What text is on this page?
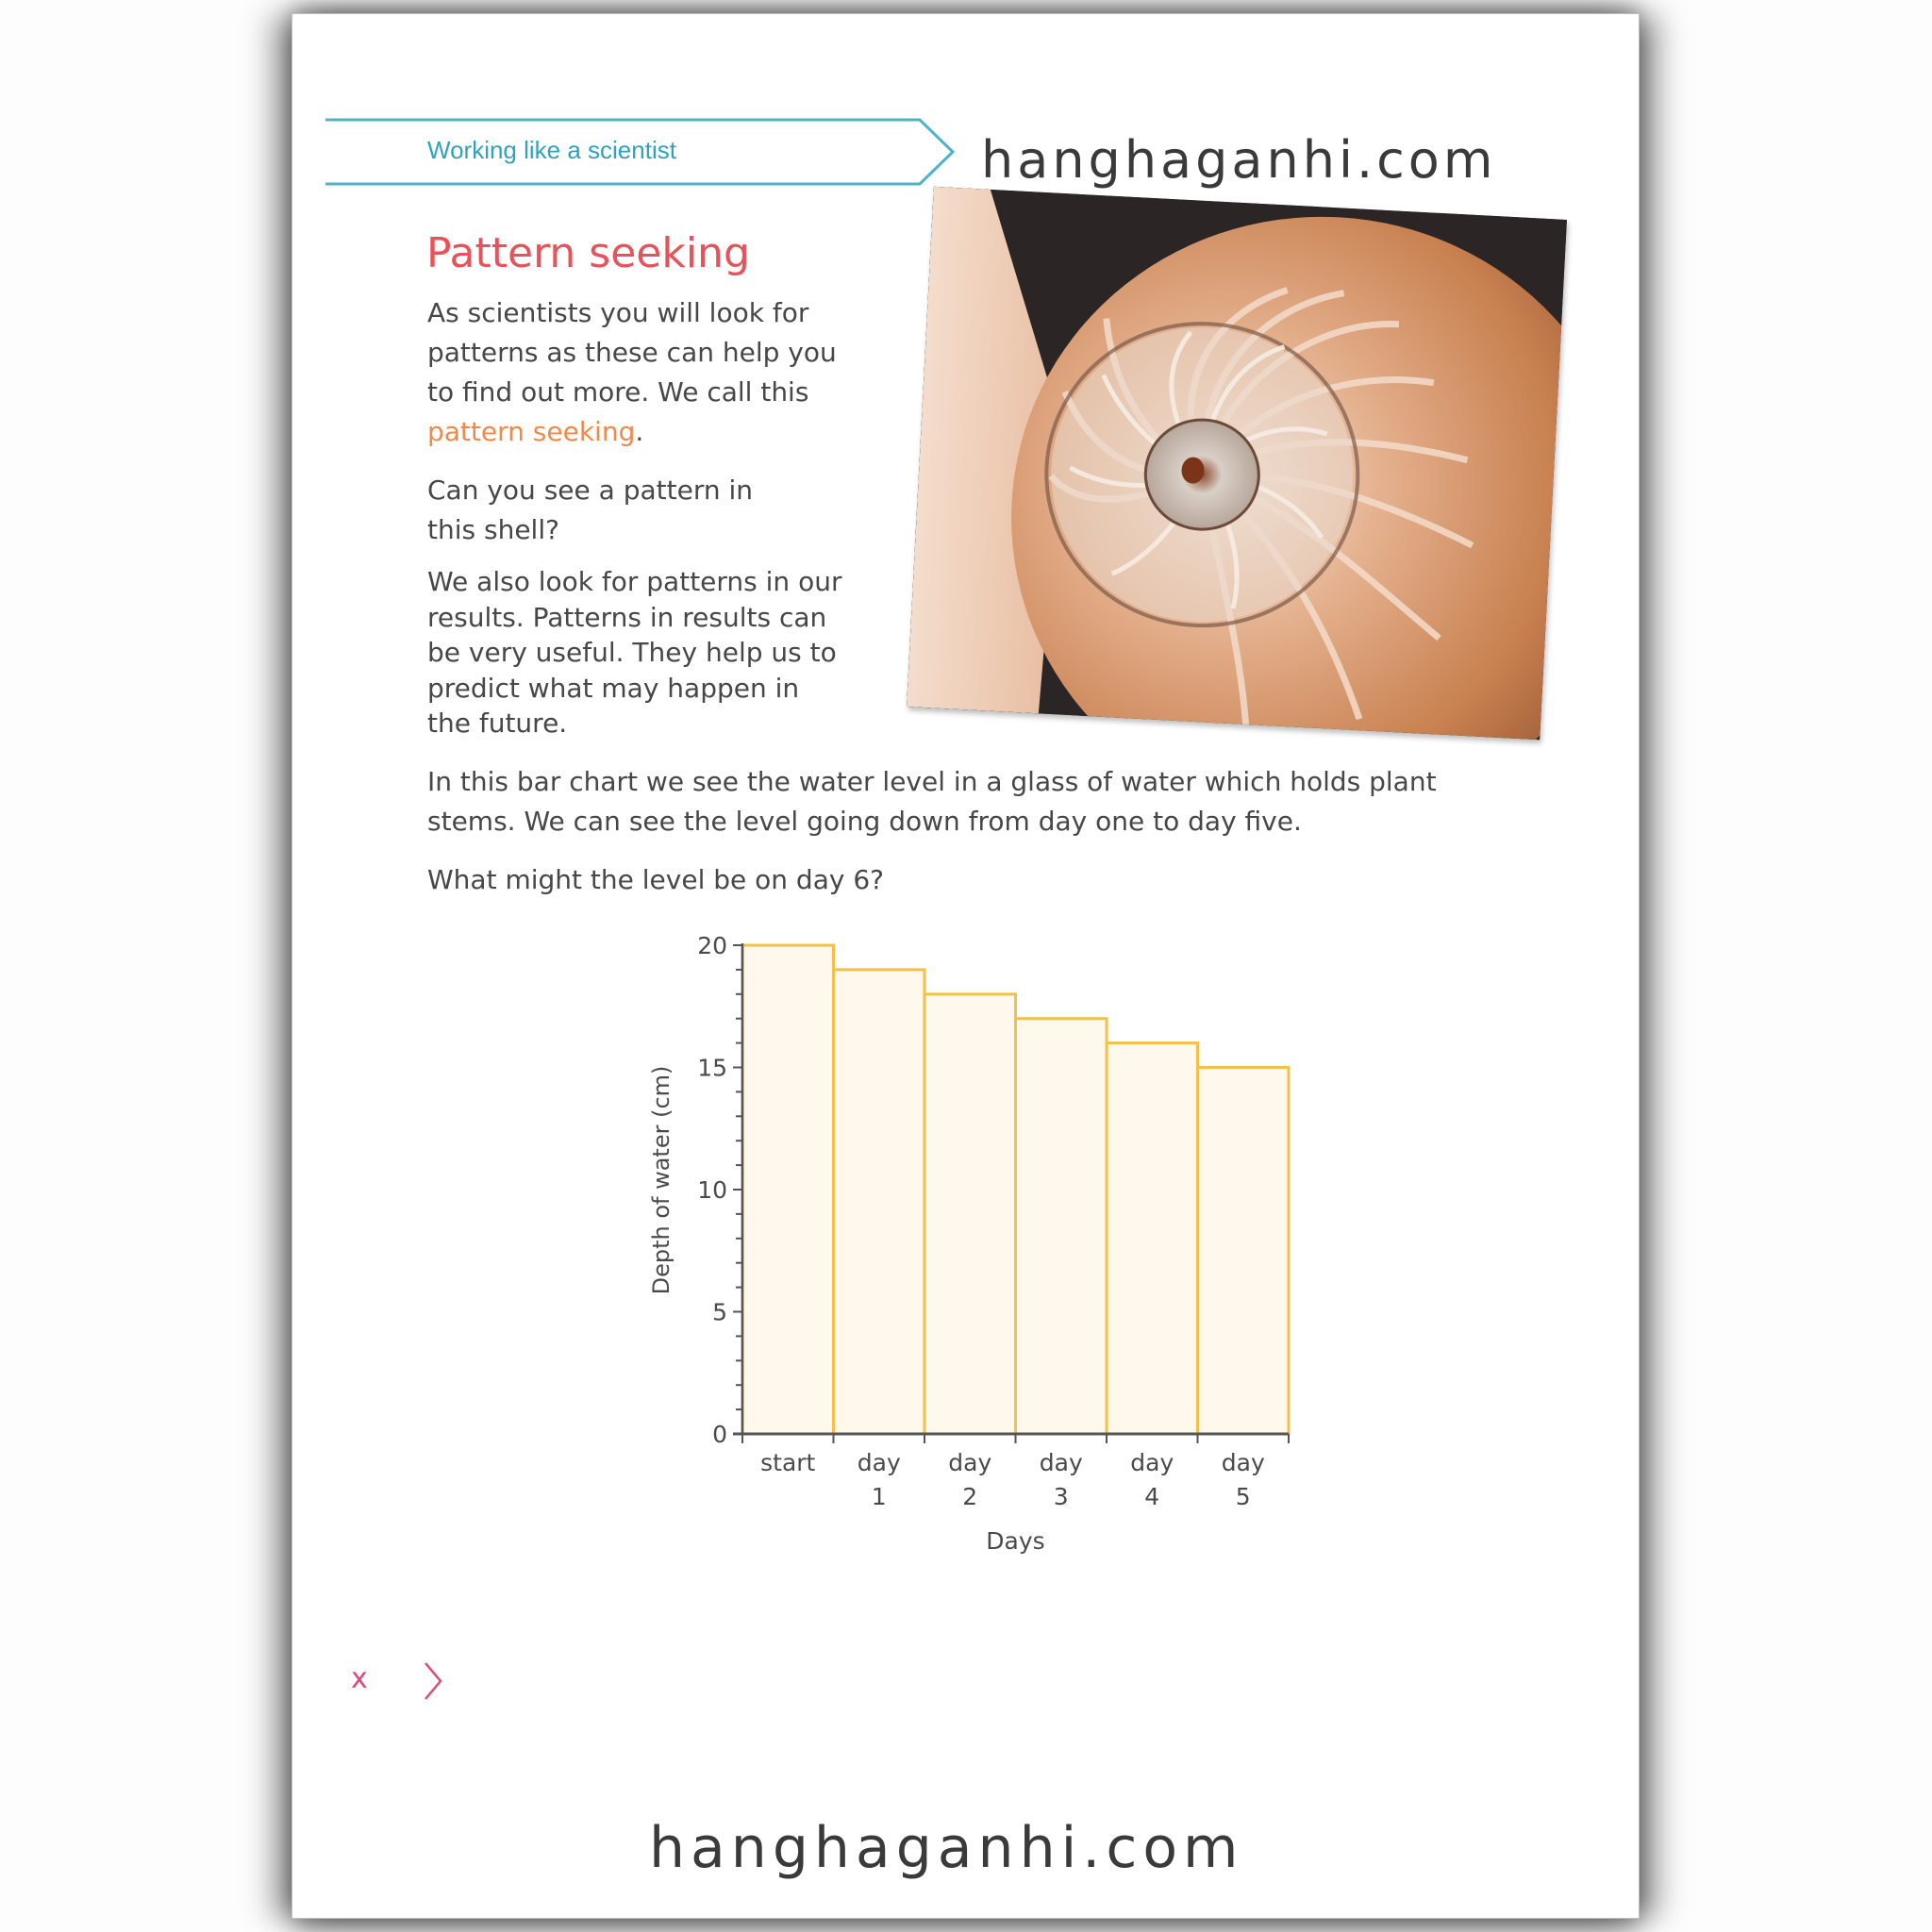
Working like a scientist	hanghaganhi.com
Pattern seeking
As scientists you will look for
patterns as these can help you
to find out more. We call this
pattern seeking.
Can you see a pattern in
this shell?
We also look for patterns in our
results. Patterns in results can
be very useful. They help us to
predict what may happen in
the future.
In this bar chart we see the water level in a glass of water which holds plant
stems. We can see the level going down from day one to day five.
What might the level be on day 6?
0
5
10
15
20
start day
1
day
2
day
3
day
4
day
5
Days
Depth of water (cm)
hanghaganhi.com
x
